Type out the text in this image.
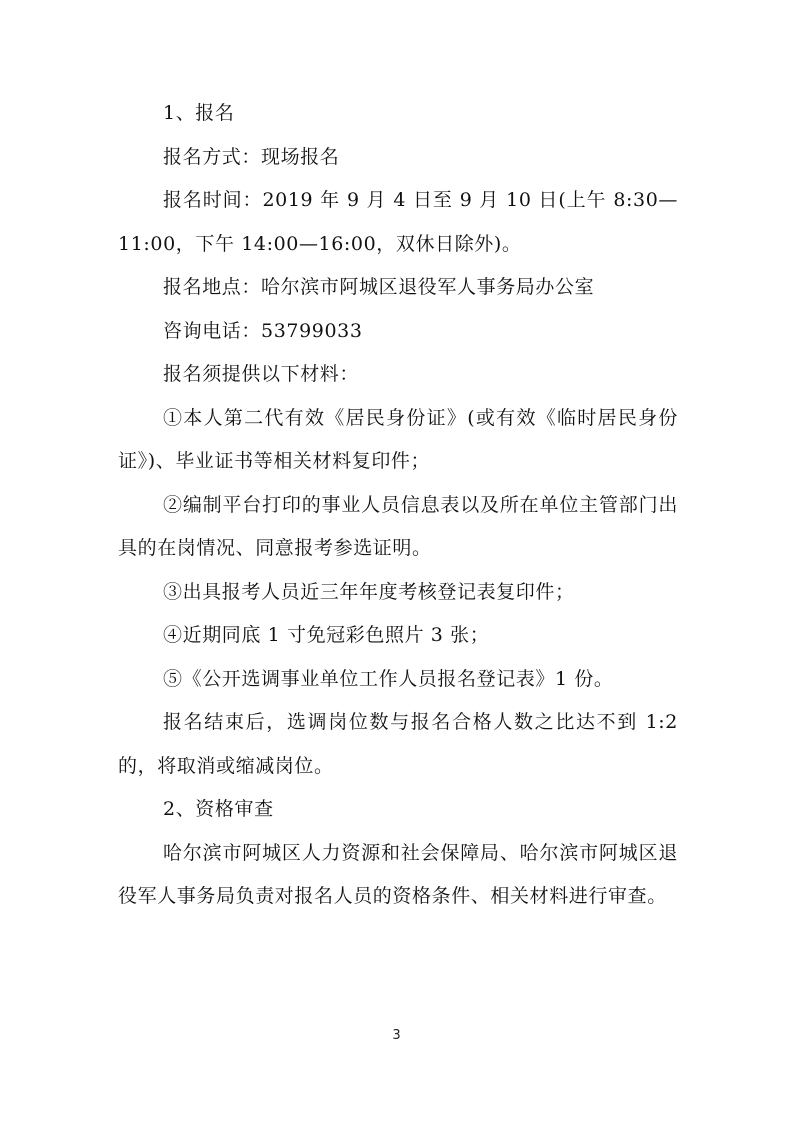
1、报名

报名方式：现场报名

报名时间：2019 年 9 月 4 日至 9 月 10 日(上午 8:30—11:00，下午 14:00—16:00，双休日除外)。

报名地点：哈尔滨市阿城区退役军人事务局办公室

咨询电话：53799033

报名须提供以下材料：

①本人第二代有效《居民身份证》(或有效《临时居民身份证》)、毕业证书等相关材料复印件；

②编制平台打印的事业人员信息表以及所在单位主管部门出具的在岗情况、同意报考参选证明。

③出具报考人员近三年年度考核登记表复印件；

④近期同底 1 寸免冠彩色照片 3 张；

⑤《公开选调事业单位工作人员报名登记表》1 份。

报名结束后，选调岗位数与报名合格人数之比达不到 1:2 的，将取消或缩减岗位。

2、资格审查

哈尔滨市阿城区人力资源和社会保障局、哈尔滨市阿城区退役军人事务局负责对报名人员的资格条件、相关材料进行审查。

3
